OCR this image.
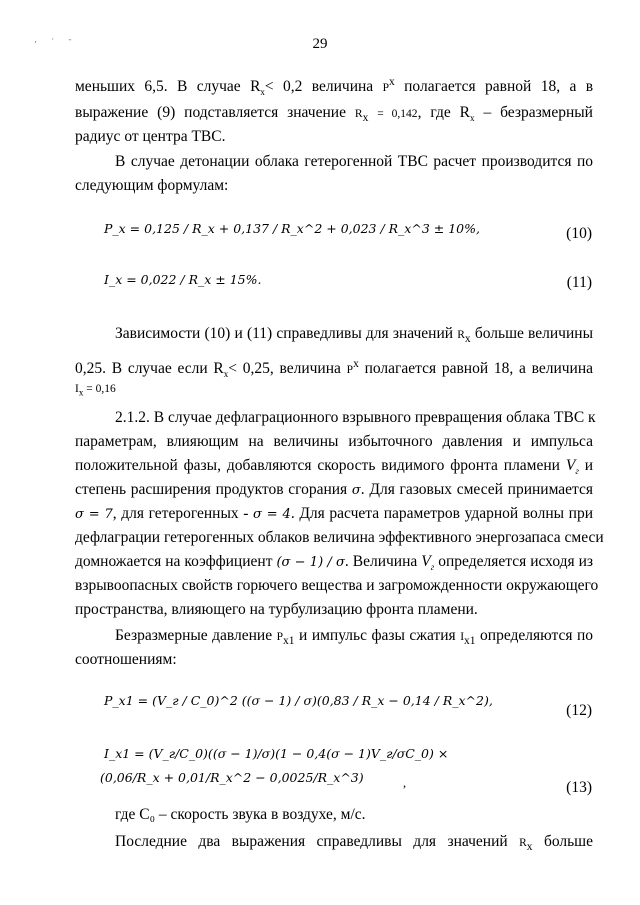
‚ · -	29
меньших 6,5. В случае $R_x< 0,2$ величина $P^x$ полагается равной 18, а в
выражение (9) подставляется значение $R_x = 0,142$, где $R_x$ – безразмерный
радиус от центра ТВС.
В случае детонации облака гетерогенной ТВС расчет производится по
следующим формулам:
P_x = 0,125 / R_x + 0,137 / R_x^2 + 0,023 / R_x^3 ± 10%,	(10)
I_x = 0,022 / R_x ± 15%.	(11)
Зависимости (10) и (11) справедливы для значений $R_x$ больше величины
0,25. В случае если $R_x< 0,25$, величина $P^x$ полагается равной 18, а величина
$I_x = 0,16$
2.1.2. В случае дефлаграционного взрывного превращения облака ТВС к
параметрам, влияющим на величины избыточного давления и импульса
положительной фазы, добавляются скорость видимого фронта пламени $V_г$ и
степень расширения продуктов сгорания σ. Для газовых смесей принимается
σ = 7, для гетерогенных - σ = 4. Для расчета параметров ударной волны при
дефлаграции гетерогенных облаков величина эффективного энергозапаса смеси
домножается на коэффициент (σ − 1) / σ. Величина $V_г$ определяется исходя из
взрывоопасных свойств горючего вещества и загроможденности окружающего
пространства, влияющего на турбулизацию фронта пламени.
Безразмерные давление $P_{x1}$ и импульс фазы сжатия $I_{x1}$ определяются по
соотношениям:
P_x1 = (V_г / C_0)^2 ((σ − 1) / σ)(0,83 / R_x − 0,14 / R_x^2),
(12)
I_x1 = (V_г/C_0)((σ − 1)/σ)(1 − 0,4(σ − 1)V_г/σC_0) ×
(0,06/R_x + 0,01/R_x^2 − 0,0025/R_x^3)	,	(13)
где C₀ – скорость звука в воздухе, м/с.
Последние два выражения справедливы для значений $R_x$ больше
